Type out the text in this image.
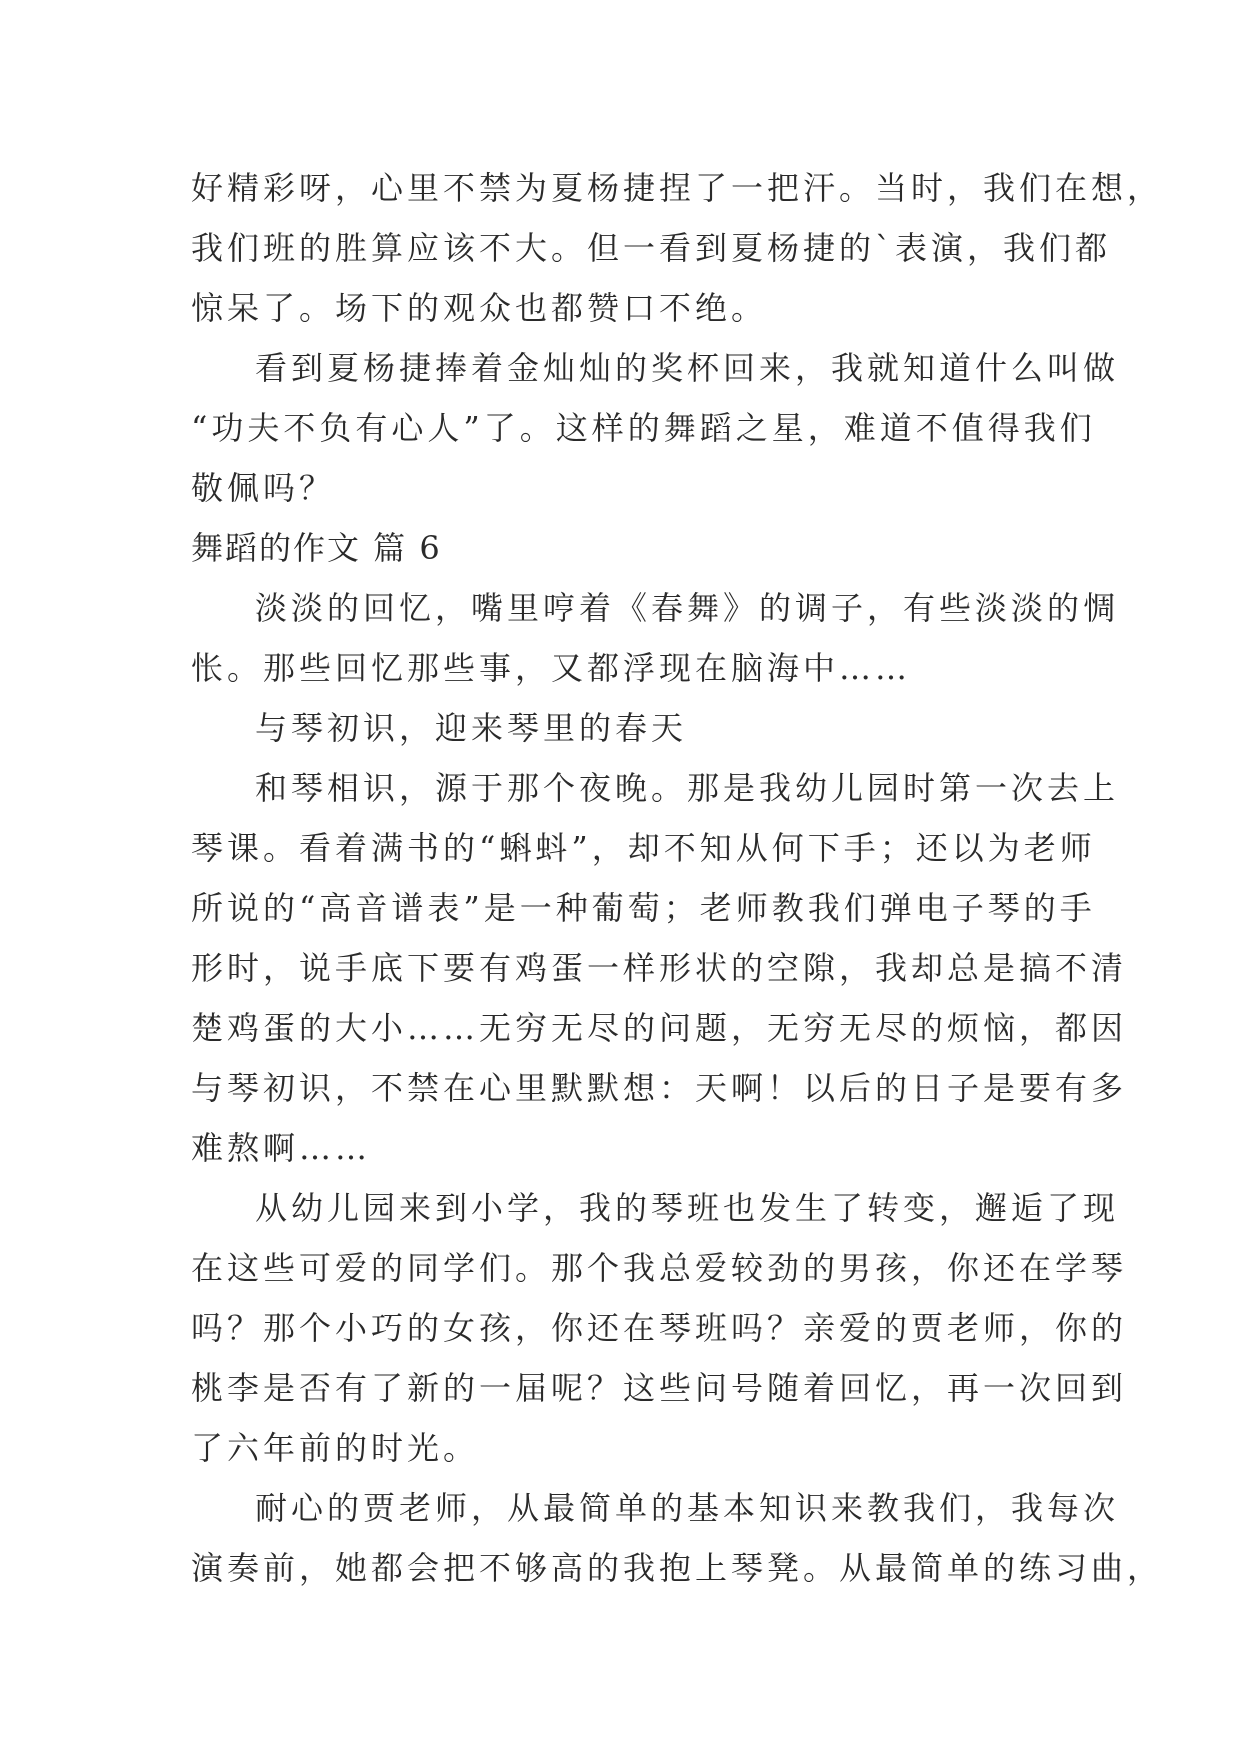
好精彩呀，心里不禁为夏杨捷捏了一把汗。当时，我们在想，
我们班的胜算应该不大。但一看到夏杨捷的`表演，我们都
惊呆了。场下的观众也都赞口不绝。
看到夏杨捷捧着金灿灿的奖杯回来，我就知道什么叫做
“功夫不负有心人”了。这样的舞蹈之星，难道不值得我们
敬佩吗？
舞蹈的作文 篇 6
淡淡的回忆，嘴里哼着《春舞》的调子，有些淡淡的惆
怅。那些回忆那些事，又都浮现在脑海中……
与琴初识，迎来琴里的春天
和琴相识，源于那个夜晚。那是我幼儿园时第一次去上
琴课。看着满书的“蝌蚪”，却不知从何下手；还以为老师
所说的“高音谱表”是一种葡萄；老师教我们弹电子琴的手
形时，说手底下要有鸡蛋一样形状的空隙，我却总是搞不清
楚鸡蛋的大小……无穷无尽的问题，无穷无尽的烦恼，都因
与琴初识，不禁在心里默默想：天啊！以后的日子是要有多
难熬啊……
从幼儿园来到小学，我的琴班也发生了转变，邂逅了现
在这些可爱的同学们。那个我总爱较劲的男孩，你还在学琴
吗？那个小巧的女孩，你还在琴班吗？亲爱的贾老师，你的
桃李是否有了新的一届呢？这些问号随着回忆，再一次回到
了六年前的时光。
耐心的贾老师，从最简单的基本知识来教我们，我每次
演奏前，她都会把不够高的我抱上琴凳。从最简单的练习曲，
